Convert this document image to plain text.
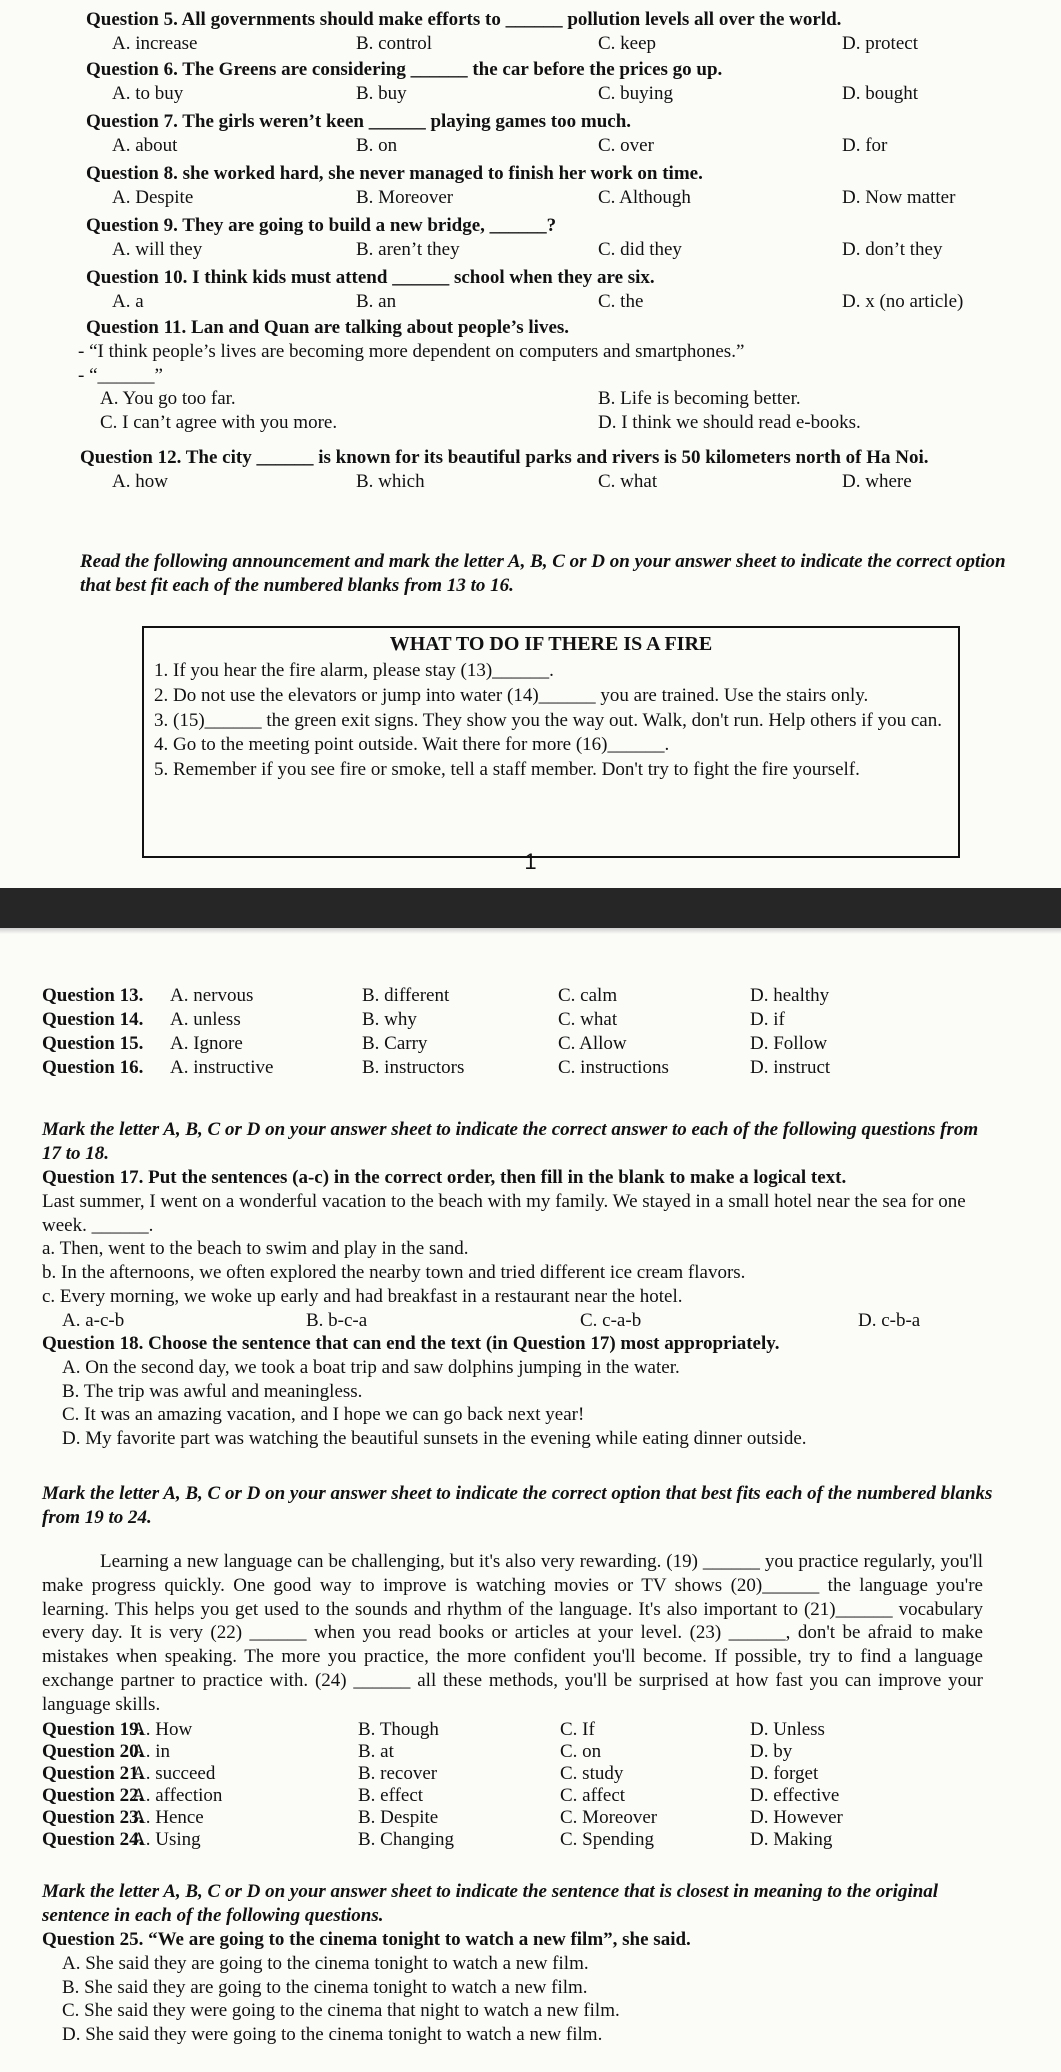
Question 5. All governments should make efforts to ______ pollution levels all over the world.
A. increase	B. control	C. keep	D. protect
Question 6. The Greens are considering ______ the car before the prices go up.
A. to buy	B. buy	C. buying	D. bought
Question 7. The girls weren’t keen ______ playing games too much.
A. about	B. on	C. over	D. for
Question 8. she worked hard, she never managed to finish her work on time.
A. Despite	B. Moreover	C. Although	D. Now matter
Question 9. They are going to build a new bridge, ______?
A. will they	B. aren’t they	C. did they	D. don’t they
Question 10. I think kids must attend ______ school when they are six.
A. a	B. an	C. the	D. x (no article)
Question 11. Lan and Quan are talking about people’s lives.
- “I think people’s lives are becoming more dependent on computers and smartphones.”
- “______”
A. You go too far.	B. Life is becoming better.
C. I can’t agree with you more.	D. I think we should read e-books.
Question 12. The city ______ is known for its beautiful parks and rivers is 50 kilometers north of Ha Noi.
A. how	B. which	C. what	D. where
Read the following announcement and mark the letter A, B, C or D on your answer sheet to indicate the correct option that best fit each of the numbered blanks from 13 to 16.
WHAT TO DO IF THERE IS A FIRE
1. If you hear the fire alarm, please stay (13)______.
2. Do not use the elevators or jump into water (14)______ you are trained. Use the stairs only.
3. (15)______ the green exit signs. They show you the way out. Walk, don't run. Help others if you can.
4. Go to the meeting point outside. Wait there for more (16)______.
5. Remember if you see fire or smoke, tell a staff member. Don't try to fight the fire yourself.
1
Question 13. A. nervous	B. different	C. calm	D. healthy
Question 14. A. unless	B. why	C. what	D. if
Question 15. A. Ignore	B. Carry	C. Allow	D. Follow
Question 16. A. instructive	B. instructors	C. instructions	D. instruct
Mark the letter A, B, C or D on your answer sheet to indicate the correct answer to each of the following questions from 17 to 18.
Question 17. Put the sentences (a-c) in the correct order, then fill in the blank to make a logical text.
Last summer, I went on a wonderful vacation to the beach with my family. We stayed in a small hotel near the sea for one week. ______.
a. Then, went to the beach to swim and play in the sand.
b. In the afternoons, we often explored the nearby town and tried different ice cream flavors.
c. Every morning, we woke up early and had breakfast in a restaurant near the hotel.
A. a-c-b	B. b-c-a	C. c-a-b	D. c-b-a
Question 18. Choose the sentence that can end the text (in Question 17) most appropriately.
A. On the second day, we took a boat trip and saw dolphins jumping in the water.
B. The trip was awful and meaningless.
C. It was an amazing vacation, and I hope we can go back next year!
D. My favorite part was watching the beautiful sunsets in the evening while eating dinner outside.
Mark the letter A, B, C or D on your answer sheet to indicate the correct option that best fits each of the numbered blanks from 19 to 24.
Learning a new language can be challenging, but it's also very rewarding. (19) ______ you practice regularly, you'll make progress quickly. One good way to improve is watching movies or TV shows (20)______ the language you're learning. This helps you get used to the sounds and rhythm of the language. It's also important to (21)______ vocabulary every day. It is very (22) ______ when you read books or articles at your level. (23) ______, don't be afraid to make mistakes when speaking. The more you practice, the more confident you'll become. If possible, try to find a language exchange partner to practice with. (24) ______ all these methods, you'll be surprised at how fast you can improve your language skills.
Question 19.
A. How	B. Though	C. If	D. Unless
Question 20.
A. in	B. at	C. on	D. by
Question 21.
A. succeed	B. recover	C. study	D. forget
Question 22.
A. affection	B. effect	C. affect	D. effective
Question 23.
A. Hence	B. Despite	C. Moreover	D. However
Question 24.
A. Using	B. Changing	C. Spending	D. Making
Mark the letter A, B, C or D on your answer sheet to indicate the sentence that is closest in meaning to the original sentence in each of the following questions.
Question 25. “We are going to the cinema tonight to watch a new film”, she said.
A. She said they are going to the cinema tonight to watch a new film.
B. She said they are going to the cinema tonight to watch a new film.
C. She said they were going to the cinema that night to watch a new film.
D. She said they were going to the cinema tonight to watch a new film.
